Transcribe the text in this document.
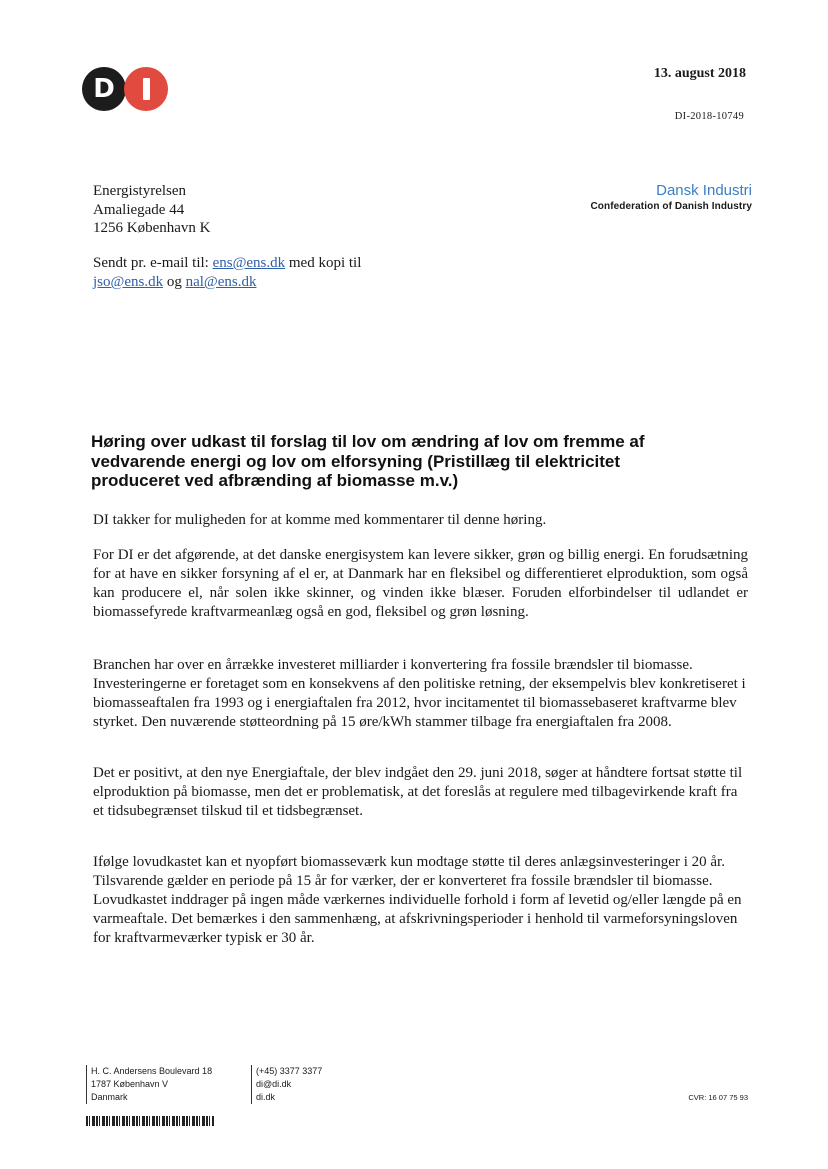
D
13. august 2018
DI-2018-10749
Energistyrelsen
Amaliegade 44
1256 København K
Dansk Industri
Confederation of Danish Industry
Sendt pr. e-mail til: ens@ens.dk med kopi til
jso@ens.dk og nal@ens.dk
Høring over udkast til forslag til lov om ændring af lov om fremme af vedvarende energi og lov om elforsyning (Pristillæg til elektricitet produceret ved afbrænding af biomasse m.v.)

DI takker for muligheden for at komme med kommentarer til denne høring.

For DI er det afgørende, at det danske energisystem kan levere sikker, grøn og billig energi. En forudsætning for at have en sikker forsyning af el er, at Danmark har en fleksibel og differentieret elproduktion, som også kan producere el, når solen ikke skinner, og vinden ikke blæser. Foruden elforbindelser til udlandet er biomassefyrede kraftvarmeanlæg også en god, fleksibel og grøn løsning.

Branchen har over en årrække investeret milliarder i konvertering fra fossile brændsler til biomasse. Investeringerne er foretaget som en konsekvens af den politiske retning, der eksempelvis blev konkretiseret i biomasseaftalen fra 1993 og i energiaftalen fra 2012, hvor incitamentet til biomassebaseret kraftvarme blev styrket. Den nuværende støtteordning på 15 øre/kWh stammer tilbage fra energiaftalen fra 2008.

Det er positivt, at den nye Energiaftale, der blev indgået den 29. juni 2018, søger at håndtere fortsat støtte til elproduktion på biomasse, men det er problematisk, at det foreslås at regulere med tilbagevirkende kraft fra et tidsubegrænset tilskud til et tidsbegrænset.

Ifølge lovudkastet kan et nyopført biomasseværk kun modtage støtte til deres anlægsinvesteringer i 20 år. Tilsvarende gælder en periode på 15 år for værker, der er konverteret fra fossile brændsler til biomasse. Lovudkastet inddrager på ingen måde værkernes individuelle forhold i form af levetid og/eller længde på en varmeaftale. Det bemærkes i den sammenhæng, at afskrivningsperioder i henhold til varmeforsyningsloven for kraftvarmeværker typisk er 30 år.

H. C. Andersens Boulevard 18
1787 København V
Danmark
(+45) 3377 3377
di@di.dk
di.dk	CVR: 16 07 75 93
